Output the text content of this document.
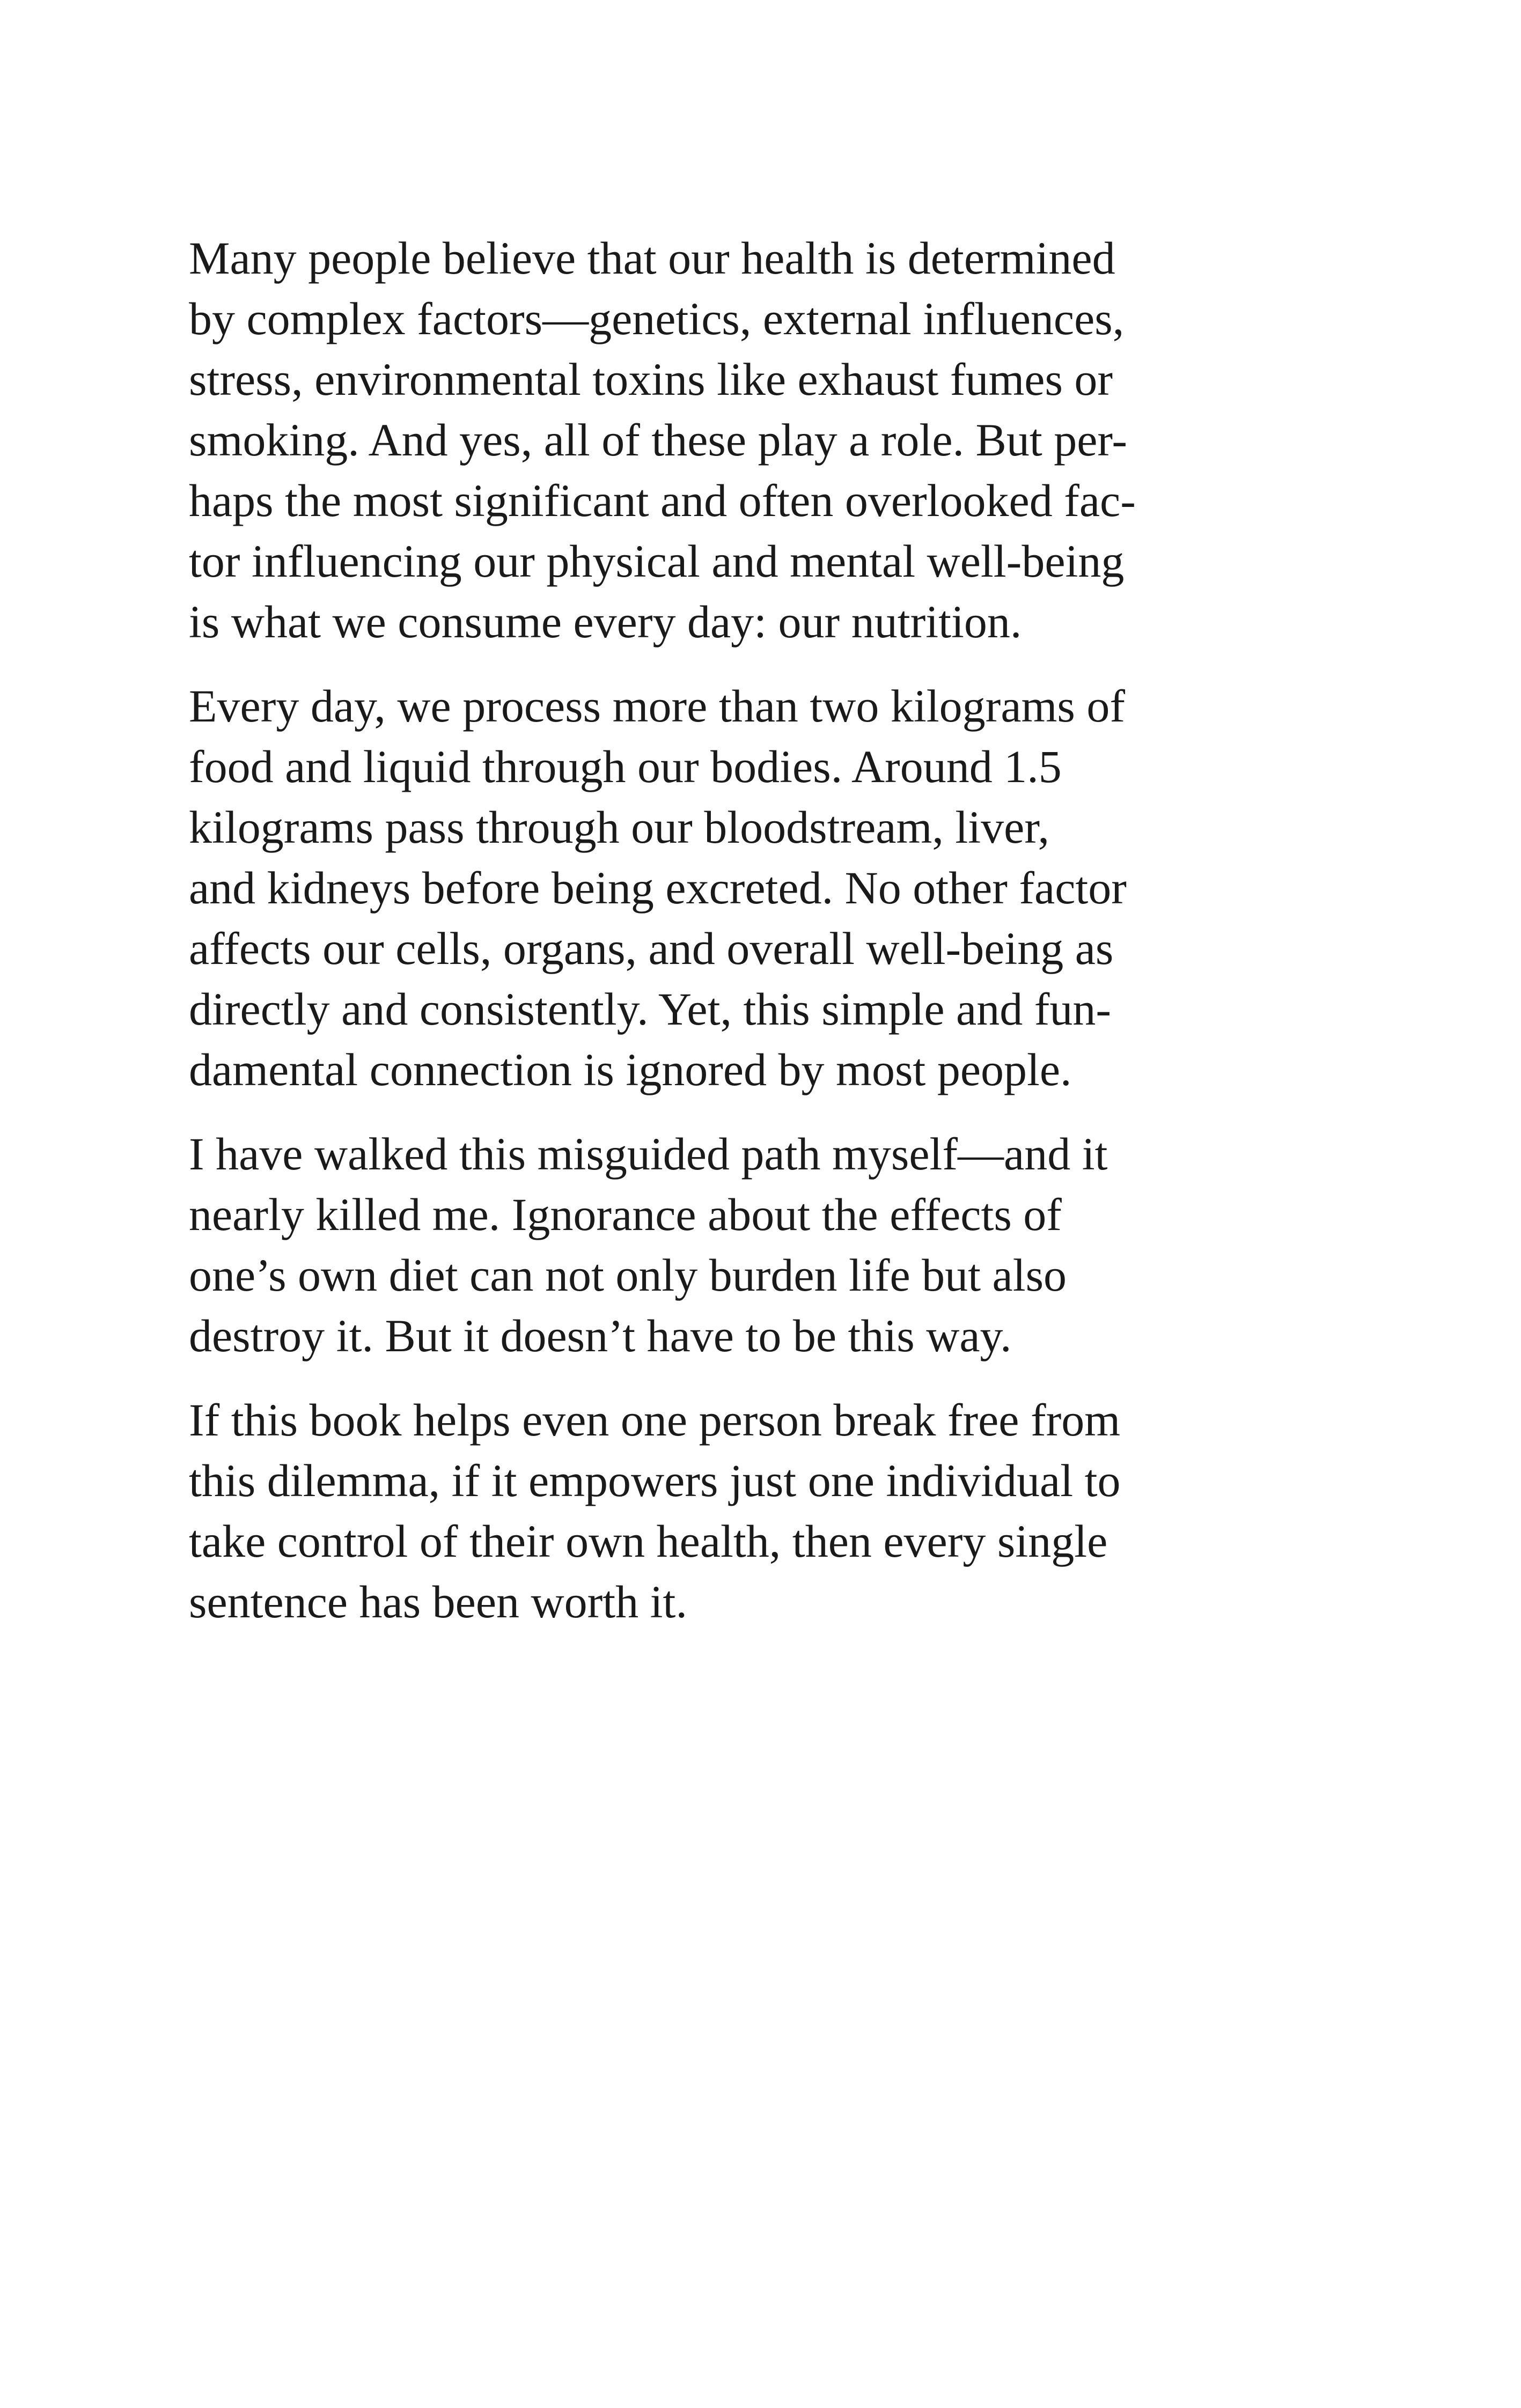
Many people believe that our health is determined
by complex factors—genetics, external influences,
stress, environmental toxins like exhaust fumes or
smoking. And yes, all of these play a role. But per-
haps the most significant and often overlooked fac-
tor influencing our physical and mental well-being
is what we consume every day: our nutrition.
Every day, we process more than two kilograms of
food and liquid through our bodies. Around 1.5
kilograms pass through our bloodstream, liver,
and kidneys before being excreted. No other factor
affects our cells, organs, and overall well-being as
directly and consistently. Yet, this simple and fun-
damental connection is ignored by most people.
I have walked this misguided path myself—and it
nearly killed me. Ignorance about the effects of
one’s own diet can not only burden life but also
destroy it. But it doesn’t have to be this way.
If this book helps even one person break free from
this dilemma, if it empowers just one individual to
take control of their own health, then every single
sentence has been worth it.
